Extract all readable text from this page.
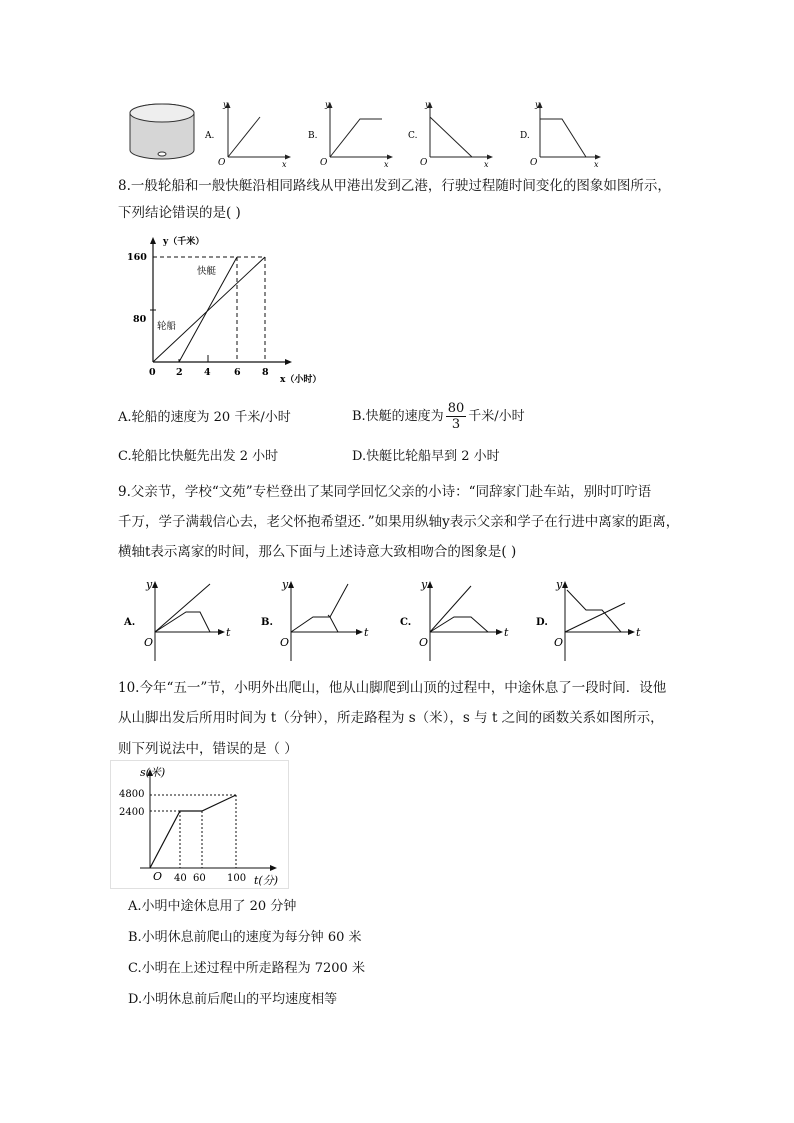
A.
y
O	x
B.
y
O	x
C.
y
O	x
D.
y
O	x
8.一般轮船和一般快艇沿相同路线从甲港出发到乙港，行驶过程随时间变化的图象如图所示，
下列结论错误的是( )
y（千米）
x（小时）
160
80
0 2 4 6 8
快艇
轮船
A.轮船的速度为 20 千米/小时	B.快艇的速度为 $\frac{80}{3}$ 千米/小时
C.轮船比快艇先出发 2 小时	D.快艇比轮船早到 2 小时
9.父亲节，学校“文苑”专栏登出了某同学回忆父亲的小诗：“同辞家门赴车站，别时叮咛语
千万，学子满载信心去，老父怀抱希望还．”如果用纵轴y表示父亲和学子在行进中离家的距离，
横轴t表示离家的时间，那么下面与上述诗意大致相吻合的图象是( )
A.
y
O
t
B.
y
O
t
C.
y
O
t
D.
y
O
t
10.今年“五一”节，小明外出爬山，他从山脚爬到山顶的过程中，中途休息了一段时间．设他
从山脚出发后所用时间为 t（分钟），所走路程为 s（米），s 与 t 之间的函数关系如图所示，
则下列说法中，错误的是（ ）
s(米)
t(分)
4800
2400
O 40 60 100
A.小明中途休息用了 20 分钟
B.小明休息前爬山的速度为每分钟 60 米
C.小明在上述过程中所走路程为 7200 米
D.小明休息前后爬山的平均速度相等
